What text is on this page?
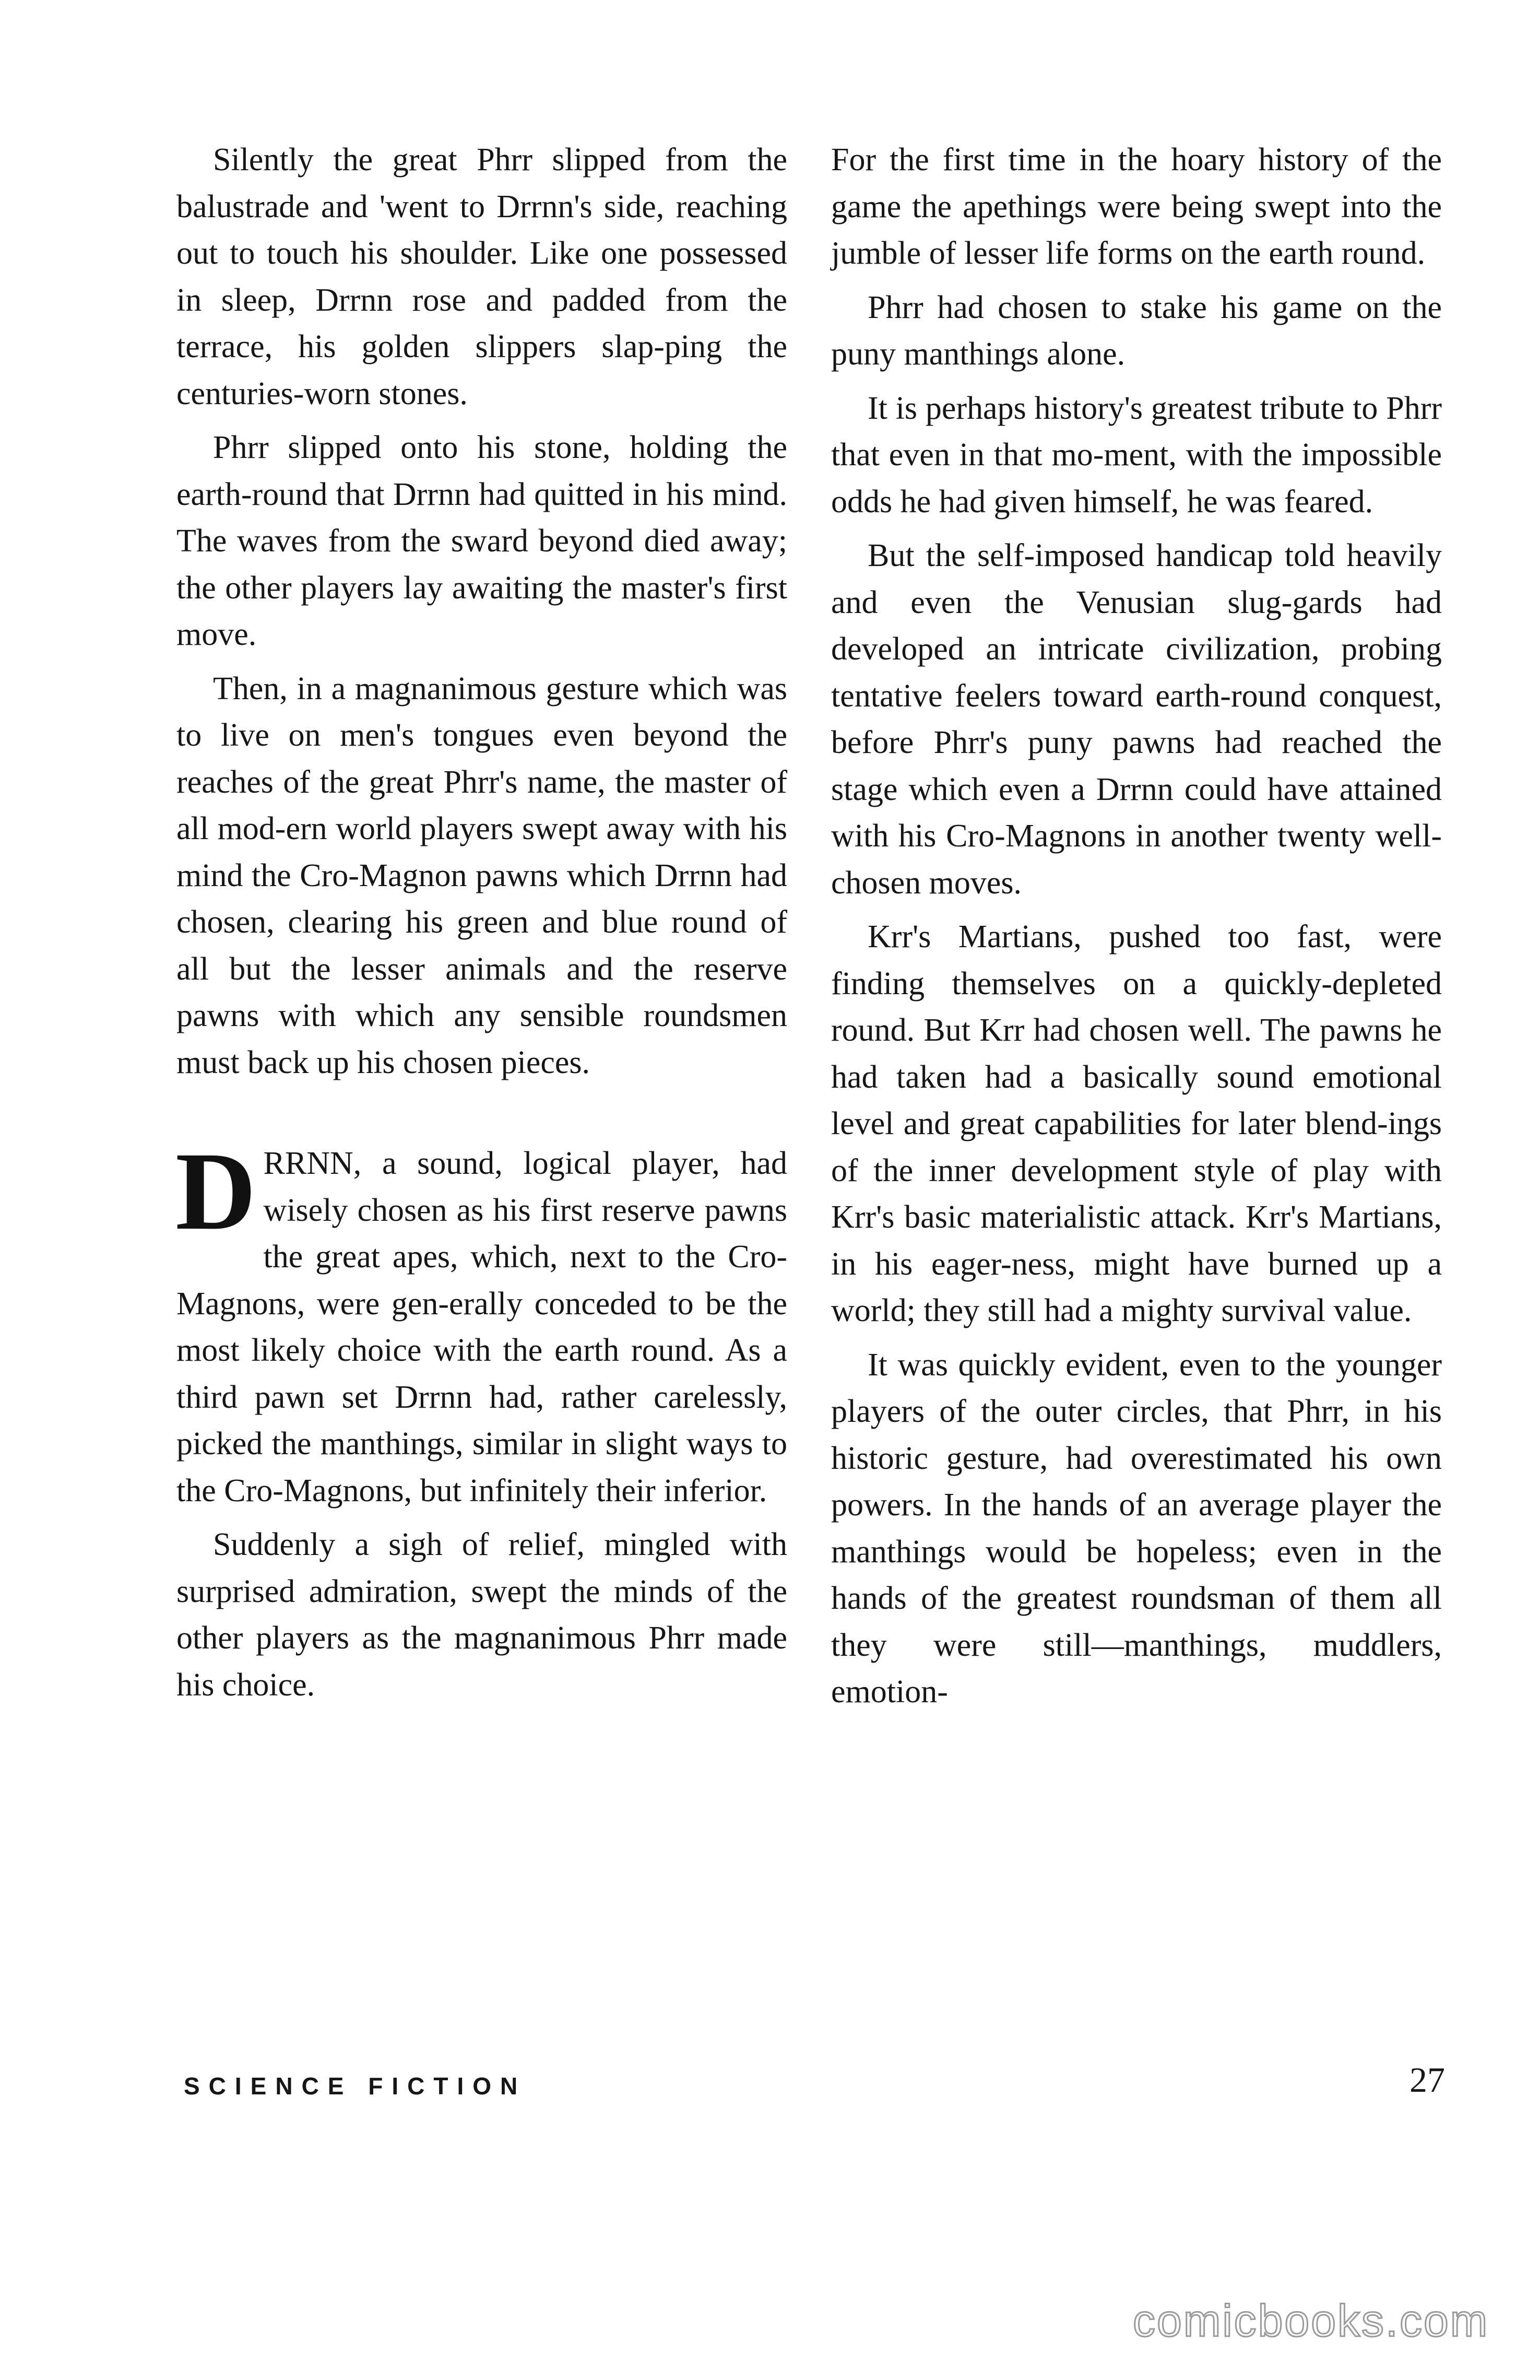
Silently the great Phrr slipped from the balustrade and 'went to Drrnn's side, reaching out to touch his shoulder. Like one possessed in sleep, Drrnn rose and padded from the terrace, his golden slippers slap-ping the centuries-worn stones.

Phrr slipped onto his stone, holding the earth-round that Drrnn had quitted in his mind. The waves from the sward beyond died away; the other players lay awaiting the master's first move.

Then, in a magnanimous gesture which was to live on men's tongues even beyond the reaches of the great Phrr's name, the master of all mod-ern world players swept away with his mind the Cro-Magnon pawns which Drrnn had chosen, clearing his green and blue round of all but the lesser animals and the reserve pawns with which any sensible roundsmen must back up his chosen pieces.

DRRNN, a sound, logical player, had wisely chosen as his first reserve pawns the great apes, which, next to the Cro-Magnons, were gen-erally conceded to be the most likely choice with the earth round. As a third pawn set Drrnn had, rather carelessly, picked the manthings, similar in slight ways to the Cro-Magnons, but infinitely their inferior.

Suddenly a sigh of relief, mingled with surprised admiration, swept the minds of the other players as the magnanimous Phrr made his choice.

For the first time in the hoary history of the game the apethings were being swept into the jumble of lesser life forms on the earth round.

Phrr had chosen to stake his game on the puny manthings alone.

It is perhaps history's greatest tribute to Phrr that even in that mo-ment, with the impossible odds he had given himself, he was feared.

But the self-imposed handicap told heavily and even the Venusian slug-gards had developed an intricate civilization, probing tentative feelers toward earth-round conquest, before Phrr's puny pawns had reached the stage which even a Drrnn could have attained with his Cro-Magnons in another twenty well-chosen moves.

Krr's Martians, pushed too fast, were finding themselves on a quickly-depleted round. But Krr had chosen well. The pawns he had taken had a basically sound emotional level and great capabilities for later blend-ings of the inner development style of play with Krr's basic materialistic attack. Krr's Martians, in his eager-ness, might have burned up a world; they still had a mighty survival value.

It was quickly evident, even to the younger players of the outer circles, that Phrr, in his historic gesture, had overestimated his own powers. In the hands of an average player the manthings would be hopeless; even in the hands of the greatest roundsman of them all they were still—manthings, muddlers, emotion-

SCIENCE FICTION	27
comicbooks.com
